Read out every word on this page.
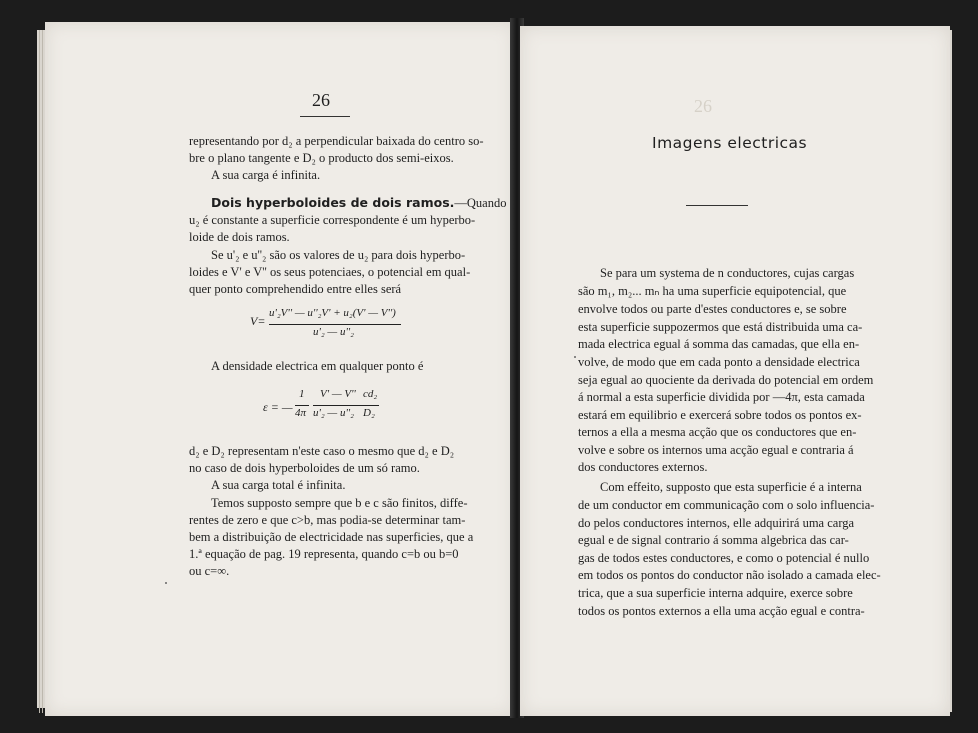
26
representando por d₂ a perpendicular baixada do centro so-
bre o plano tangente e D₂ o producto dos semi-eixos.
A sua carga é infinita.
Dois hyperboloides de dois ramos.—Quando
u₂ é constante a superficie correspondente é um hyperbo-
loide de dois ramos.
Se u'₂ e u''₂ são os valores de u₂ para dois hyperbo-
loides e V' e V'' os seus potenciaes, o potencial em qual-
quer ponto comprehendido entre elles será
V=
u'₂V'' — u''₂V' + u₂(V' — V'')
u'₂ — u''₂
A densidade electrica em qualquer ponto é
ε = —
1
4π
V' — V''
u'₂ — u''₂
cd₂
D₂
d₂ e D₂ representam n'este caso o mesmo que d₂ e D₂
no caso de dois hyperboloides de um só ramo.
A sua carga total é infinita.
Temos supposto sempre que b e c são finitos, diffe-
rentes de zero e que c>b, mas podia-se determinar tam-
bem a distribuição de electricidade nas superficies, que a
1.ª equação de pag. 19 representa, quando c=b ou b=0
ou c=∞.
26
Imagens electricas
Se para um systema de n conductores, cujas cargas
são m₁, m₂... mₙ ha uma superficie equipotencial, que
envolve todos ou parte d'estes conductores e, se sobre
esta superficie suppozermos que está distribuida uma ca-
mada electrica egual á somma das camadas, que ella en-
volve, de modo que em cada ponto a densidade electrica
seja egual ao quociente da derivada do potencial em ordem
á normal a esta superficie dividida por —4π, esta camada
estará em equilibrio e exercerá sobre todos os pontos ex-
ternos a ella a mesma acção que os conductores que en-
volve e sobre os internos uma acção egual e contraria á
dos conductores externos.
Com effeito, supposto que esta superficie é a interna
de um conductor em communicação com o solo influencia-
do pelos conductores internos, elle adquirirá uma carga
egual e de signal contrario á somma algebrica das car-
gas de todos estes conductores, e como o potencial é nullo
em todos os pontos do conductor não isolado a camada elec-
trica, que a sua superficie interna adquire, exerce sobre
todos os pontos externos a ella uma acção egual e contra-
